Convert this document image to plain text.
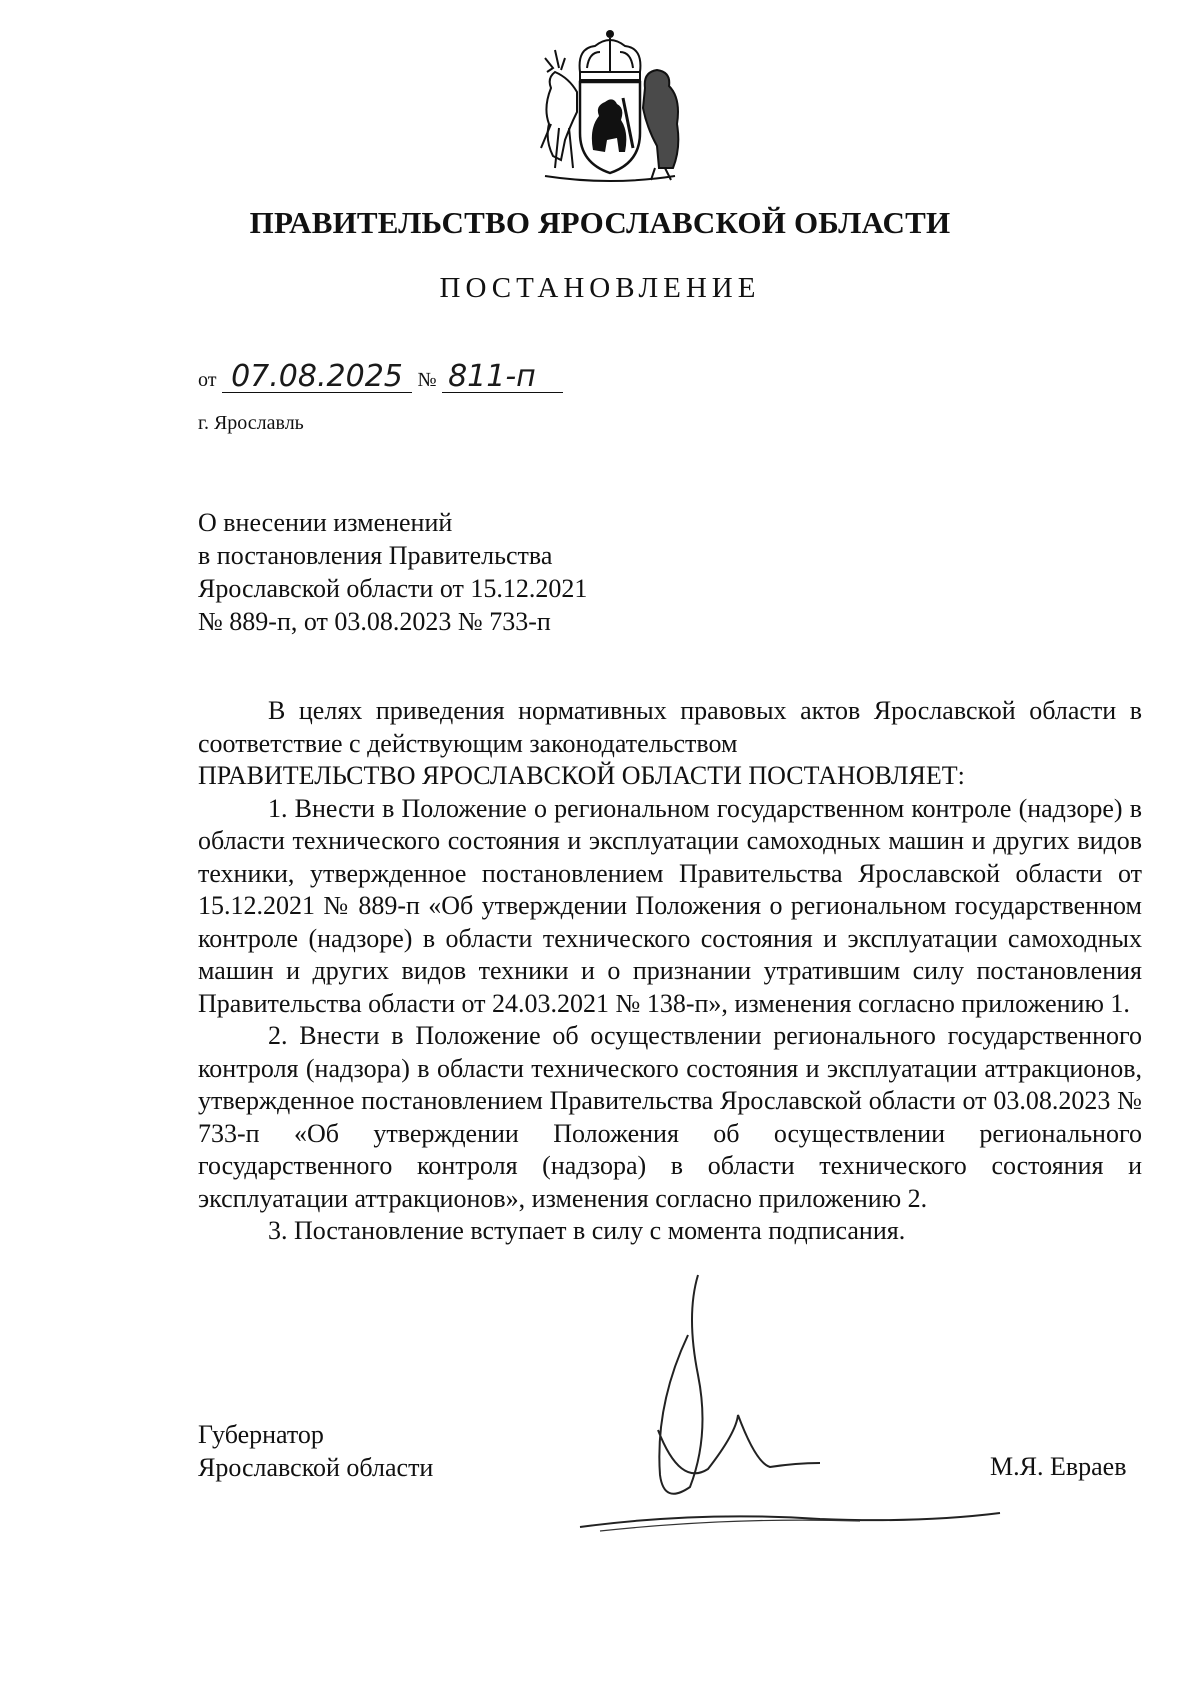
ПРАВИТЕЛЬСТВО ЯРОСЛАВСКОЙ ОБЛАСТИ
ПОСТАНОВЛЕНИЕ
от 07.08.2025 № 811-п
г. Ярославль
О внесении изменений
в постановления Правительства
Ярославской области от 15.12.2021
№ 889-п, от 03.08.2023 № 733-п

В целях приведения нормативных правовых актов Ярославской области в соответствие с действующим законодательством

ПРАВИТЕЛЬСТВО ЯРОСЛАВСКОЙ ОБЛАСТИ ПОСТАНОВЛЯЕТ:

1. Внести в Положение о региональном государственном контроле (надзоре) в области технического состояния и эксплуатации самоходных машин и других видов техники, утвержденное постановлением Правительства Ярославской области от 15.12.2021 № 889-п «Об утверждении Положения о региональном государственном контроле (надзоре) в области технического состояния и эксплуатации самоходных машин и других видов техники и о признании утратившим силу постановления Правительства области от 24.03.2021 № 138-п», изменения согласно приложению 1.

2. Внести в Положение об осуществлении регионального государственного контроля (надзора) в области технического состояния и эксплуатации аттракционов, утвержденное постановлением Правительства Ярославской области от 03.08.2023 № 733-п «Об утверждении Положения об осуществлении регионального государственного контроля (надзора) в области технического состояния и эксплуатации аттракционов», изменения согласно приложению 2.

3. Постановление вступает в силу с момента подписания.

Губернатор
Ярославской области	М.Я. Евраев
